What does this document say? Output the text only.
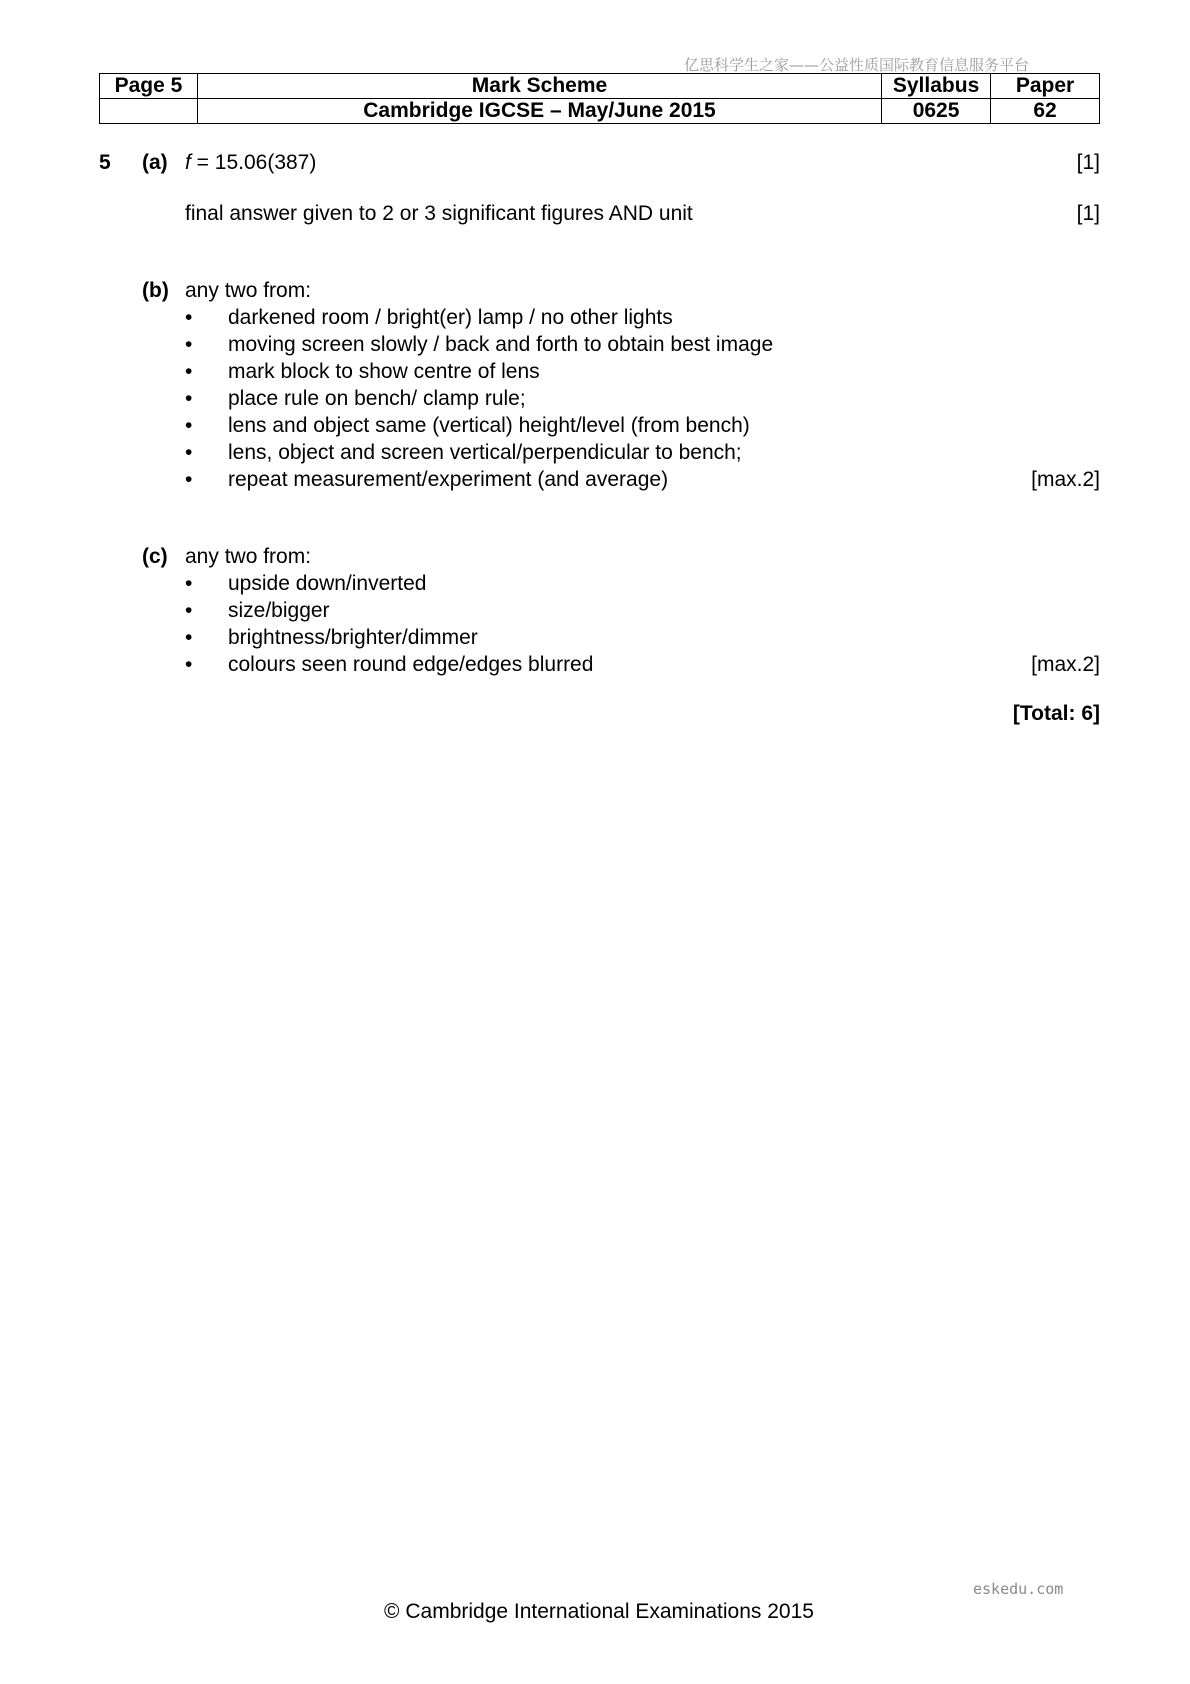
亿思科学生之家——公益性质国际教育信息服务平台
Page 5	Mark Scheme	Syllabus	Paper
	Cambridge IGCSE – May/June 2015	0625	62
5 (a) f = 15.06(387)	[1]
final answer given to 2 or 3 significant figures AND unit	[1]
(b) any two from:
• darkened room / bright(er) lamp / no other lights
• moving screen slowly / back and forth to obtain best image
• mark block to show centre of lens
• place rule on bench/ clamp rule;
• lens and object same (vertical) height/level (from bench)
• lens, object and screen vertical/perpendicular to bench;
• repeat measurement/experiment (and average)	[max.2]
(c) any two from:
• upside down/inverted
• size/bigger
• brightness/brighter/dimmer
• colours seen round edge/edges blurred	[max.2]
[Total: 6]
eskedu.com
© Cambridge International Examinations 2015
